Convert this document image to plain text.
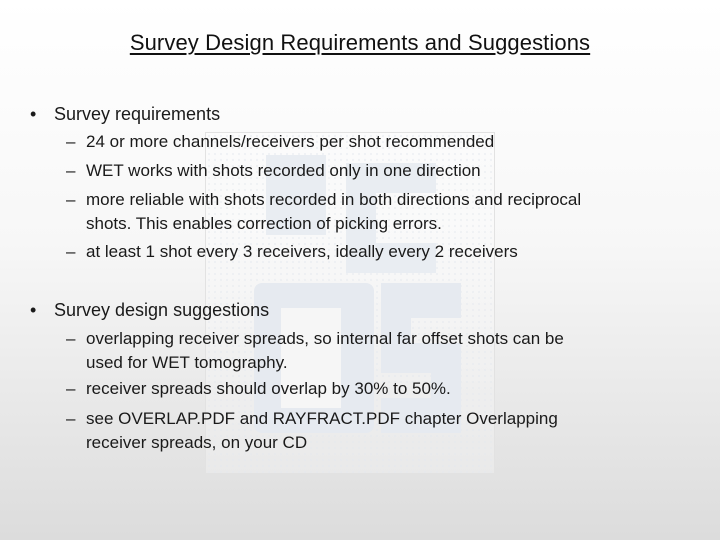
Survey Design Requirements and Suggestions
• Survey requirements
– 24 or more channels/receivers per shot recommended
– WET works with shots recorded only in one direction
– more reliable with shots recorded in both directions and reciprocal
shots. This enables correction of picking errors.
– at least 1 shot every 3 receivers, ideally every 2 receivers
• Survey design suggestions
– overlapping receiver spreads, so internal far offset shots can be
used for WET tomography.
– receiver spreads should overlap by 30% to 50%.
– see OVERLAP.PDF and RAYFRACT.PDF chapter Overlapping
receiver spreads, on your CD
